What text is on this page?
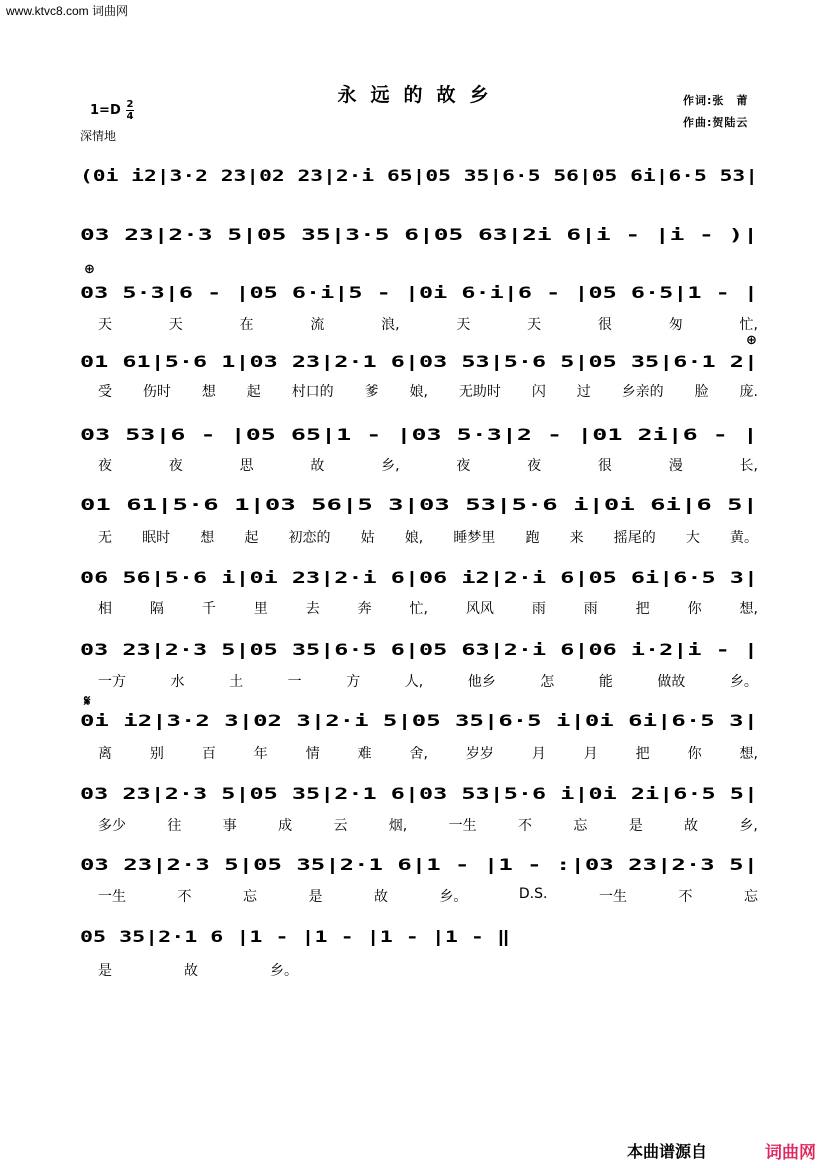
www.ktvc8.com 词曲网
永远的故乡
1=D 2
4
深情地
作词:张　莆
作曲:贺陆云
⊕
⊕
𝄋
(0i i2|3·2 23|02 23|2·i 65|05 35|6·5 56|05 6i|6·5 53|
03 23|2·3 5|05 35|3·5 6|05 63|2i 6|i - |i - )|
03 5·3|6 - |05 6·i|5 - |0i 6·i|6 - |05 6·5|1 - |
天	天	在	流	浪,	天	天	很	匆	忙,
01 61|5·6 1|03 23|2·1 6|03 53|5·6 5|05 35|6·1 2|
受 伤时 想 起 村口的 爹 娘, 无助时 闪 过 乡亲的 脸 庞.
03 53|6 - |05 65|1 - |03 5·3|2 - |01 2i|6 - |
夜	夜	思	故	乡,	夜	夜	很	漫	长,
01 61|5·6 1|03 56|5 3|03 53|5·6 i|0i 6i|6 5|
无 眠时 想 起 初恋的 姑 娘, 睡梦里 跑 来 摇尾的 大 黄。
06 56|5·6 i|0i 23|2·i 6|06 i2|2·i 6|05 6i|6·5 3|
相	隔	千	里	去	奔	忙,	风风	雨	雨	把	你	想,
03 23|2·3 5|05 35|6·5 6|05 63|2·i 6|06 i·2|i - |
一方	水	土	一	方	人,	他乡	怎	能	做故	乡。
0i i2|3·2 3|02 3|2·i 5|05 35|6·5 i|0i 6i|6·5 3|
离	别	百	年	情	难	舍,	岁岁	月	月	把	你	想,
03 23|2·3 5|05 35|2·1 6|03 53|5·6 i|0i 2i|6·5 5|
多少	往	事	成	云	烟,	一生	不	忘	是	故	乡,
03 23|2·3 5|05 35|2·1 6|1 - |1 - :|03 23|2·3 5|
一生	不	忘	是	故	乡。	D.S.	一生	不	忘
05 35|2·1 6 |1 - |1 - |1 - |1 - ‖
是	故	乡。
本曲谱源自	词曲网
